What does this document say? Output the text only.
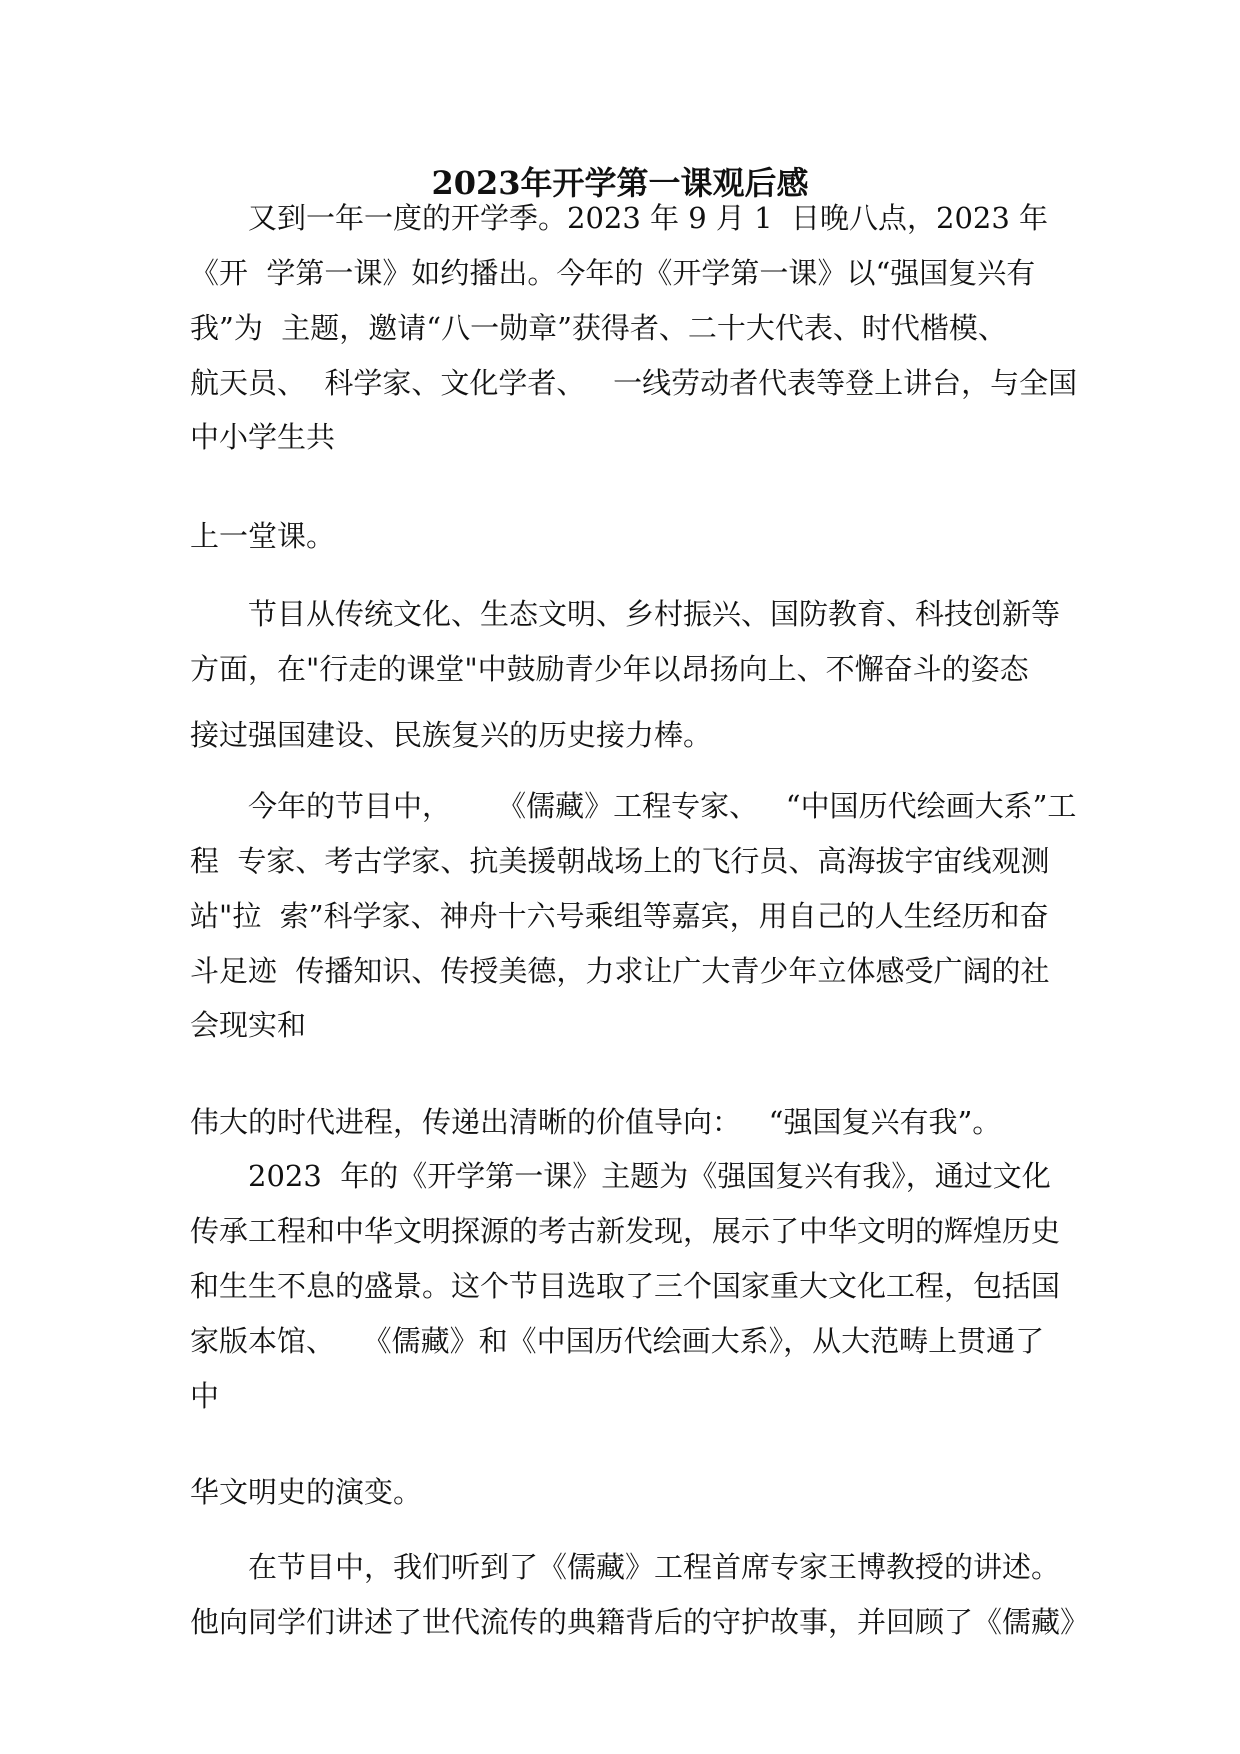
2023年开学第一课观后感
又到一年一度的开学季。2023 年 9 月 1  日晚八点，2023 年
《开  学第一课》如约播出。今年的《开学第一课》以“强国复兴有
我”为  主题，邀请“八一勋章”获得者、二十大代表、时代楷模、
航天员、  科学家、文化学者、   一线劳动者代表等登上讲台，与全国
中小学生共
上一堂课。
节目从传统文化、生态文明、乡村振兴、国防教育、科技创新等
方面，在"行走的课堂"中鼓励青少年以昂扬向上、不懈奋斗的姿态
接过强国建设、民族复兴的历史接力棒。
今年的节目中，     《儒藏》工程专家、   “中国历代绘画大系”工
程  专家、考古学家、抗美援朝战场上的飞行员、高海拔宇宙线观测
站"拉  索”科学家、神舟十六号乘组等嘉宾，用自己的人生经历和奋
斗足迹  传播知识、传授美德，力求让广大青少年立体感受广阔的社
会现实和
伟大的时代进程，传递出清晰的价值导向：   “强国复兴有我”。
2023  年的《开学第一课》主题为《强国复兴有我》，通过文化
传承工程和中华文明探源的考古新发现，展示了中华文明的辉煌历史
和生生不息的盛景。这个节目选取了三个国家重大文化工程，包括国
家版本馆、   《儒藏》和《中国历代绘画大系》，从大范畴上贯通了
中
华文明史的演变。
在节目中，我们听到了《儒藏》工程首席专家王博教授的讲述。
他向同学们讲述了世代流传的典籍背后的守护故事，并回顾了《儒藏》
